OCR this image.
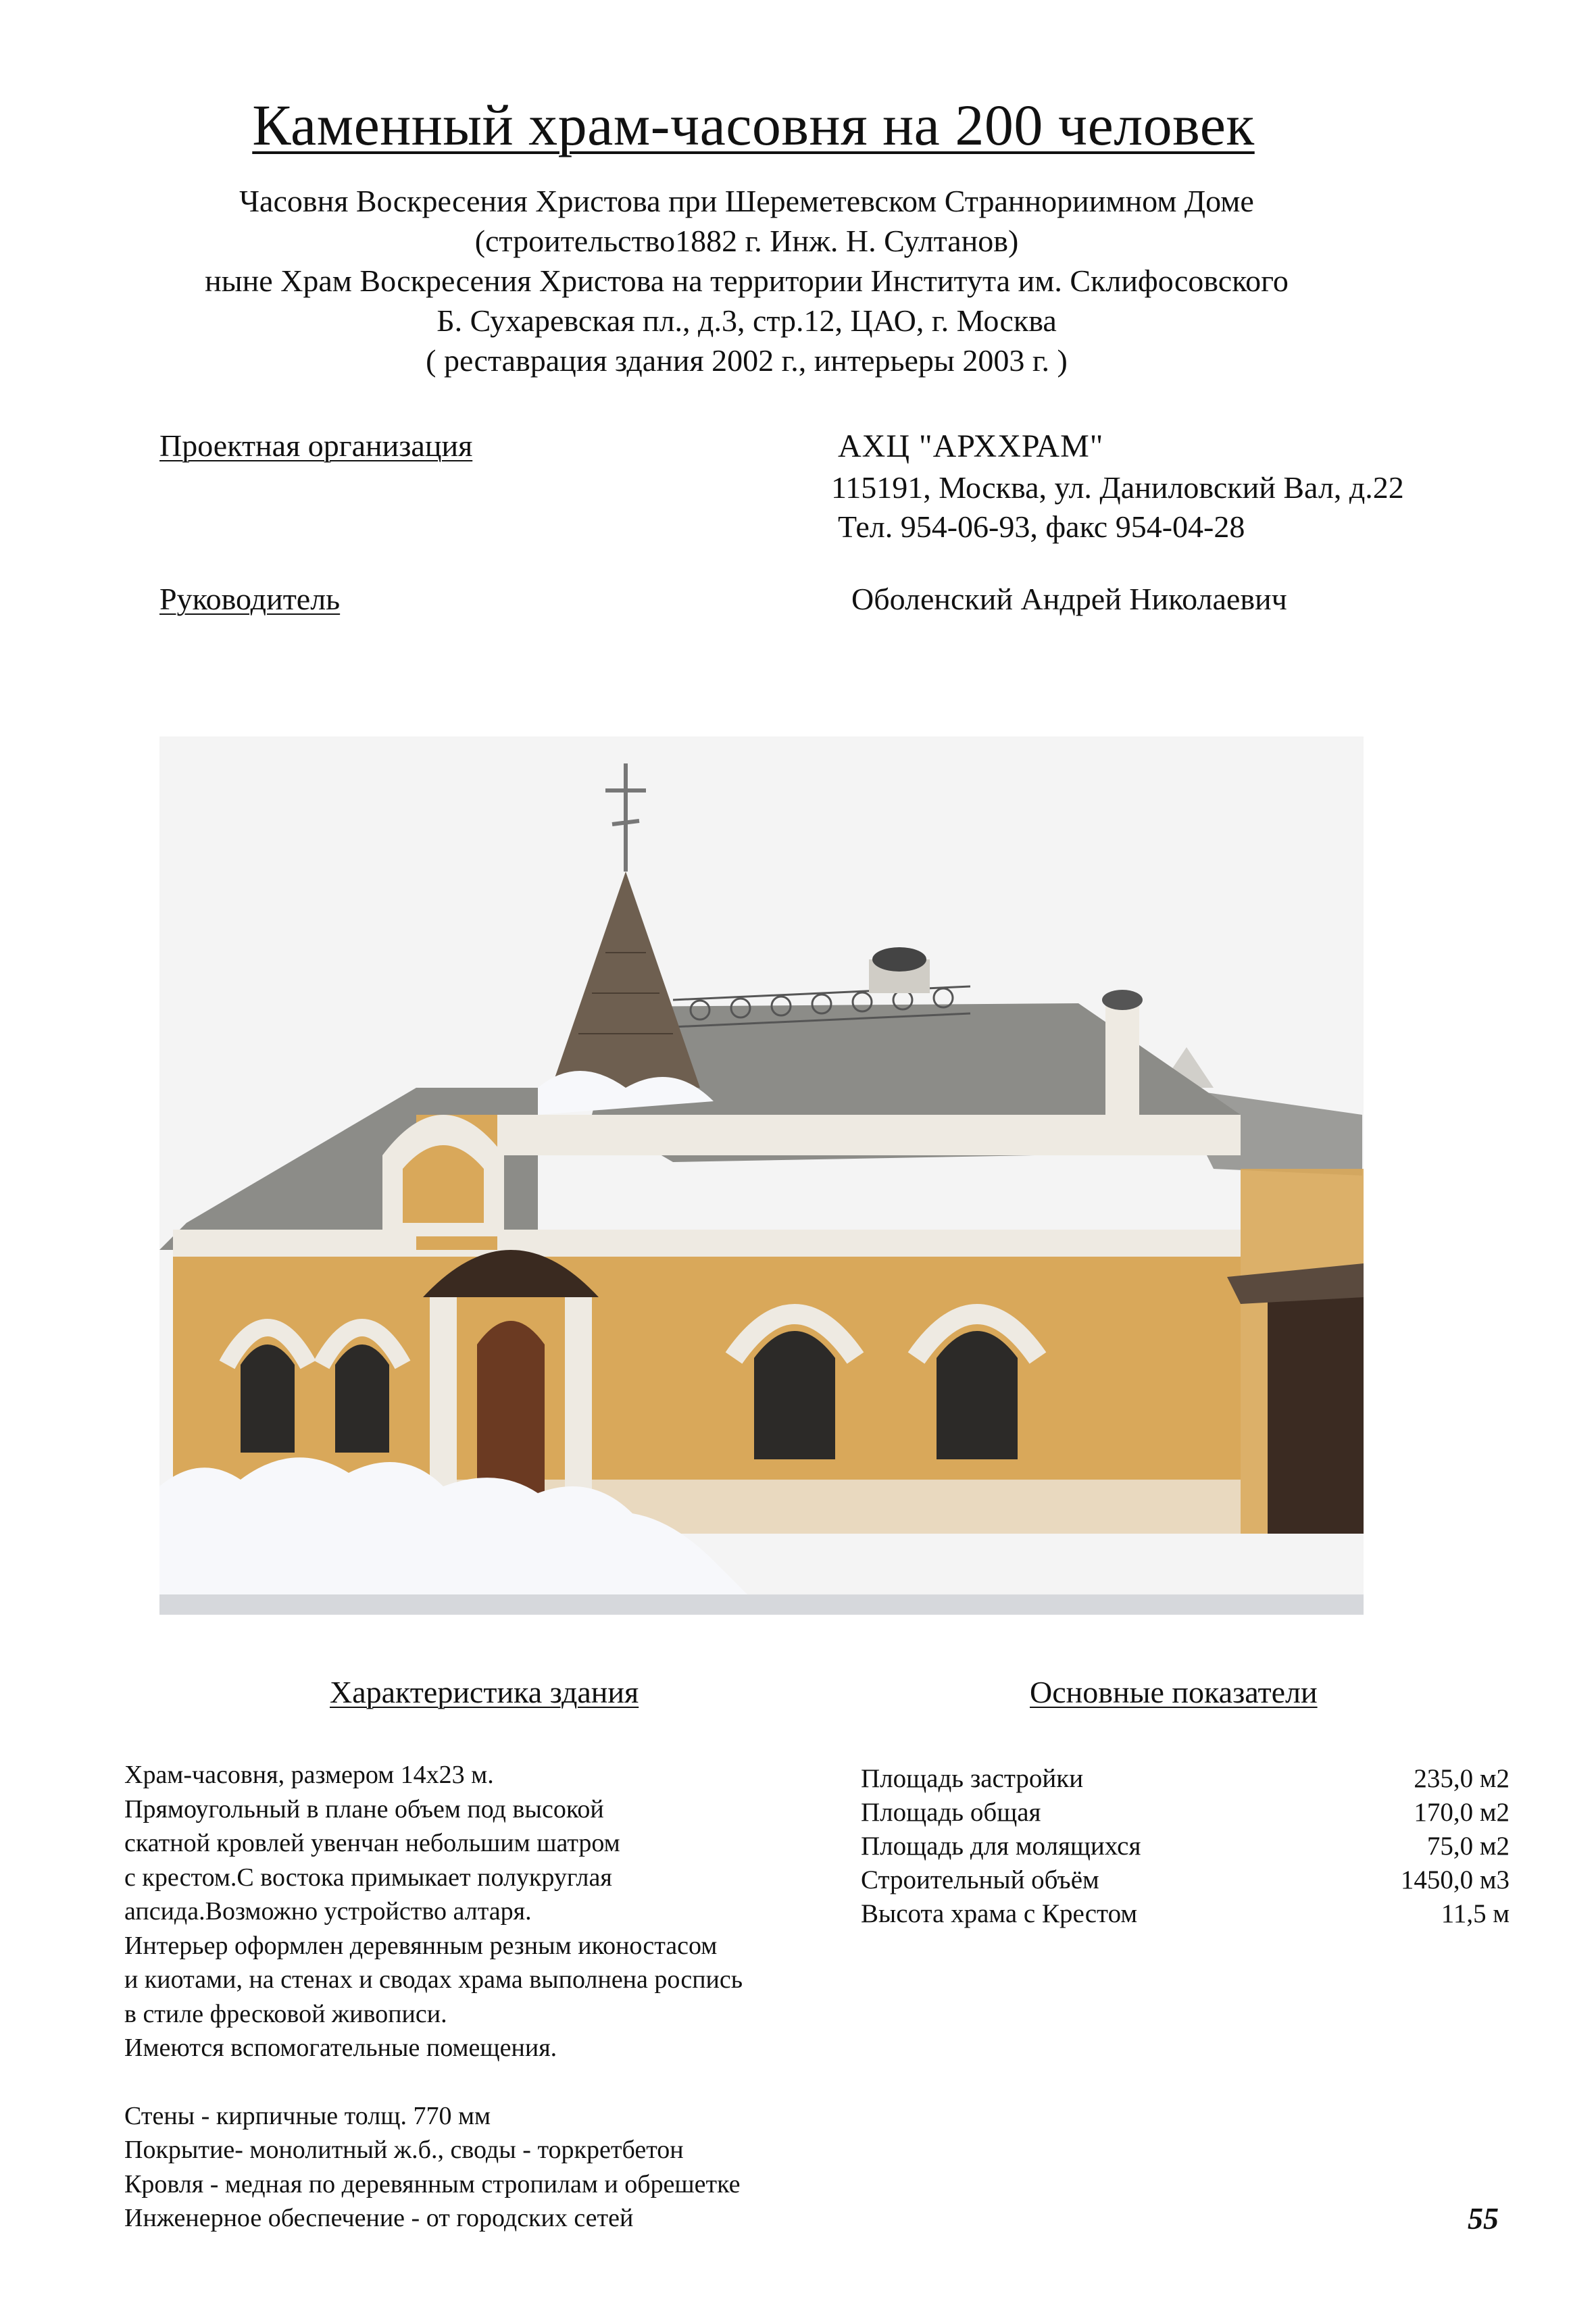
Каменный храм-часовня на 200 человек
Часовня Воскресения Христова при Шереметевском Страннориимном Доме
(строительство1882 г. Инж. Н. Султанов)
ныне Храм Воскресения Христова на территории Института им. Склифосовского
Б. Сухаревская пл., д.3, стр.12, ЦАО, г. Москва
( реставрация здания 2002 г., интерьеры 2003 г. )
Проектная организация	АХЦ "АРХХРАМ"
115191, Москва, ул. Даниловский Вал, д.22
Тел. 954-06-93, факс 954-04-28
Руководитель	Оболенский Андрей Николаевич
Характеристика здания	Основные показатели
Храм-часовня, размером 14х23 м.
Прямоугольный в плане объем под высокой
скатной кровлей увенчан небольшим шатром
с крестом.С востока примыкает полукруглая
апсида.Возможно устройство алтаря.
Интерьер оформлен деревянным резным иконостасом
и киотами, на стенах и сводах храма выполнена роспись
в стиле фресковой живописи.
Имеются вспомогательные помещения.
Стены - кирпичные толщ. 770 мм
Покрытие- монолитный ж.б., своды - торкретбетон
Кровля - медная по деревянным стропилам и обрешетке
Инженерное обеспечение - от городских сетей
Площадь застройки	235,0 м2
Площадь общая	170,0 м2
Площадь для молящихся	75,0 м2
Строительный объём	1450,0 м3
Высота храма с Крестом	11,5 м
55
